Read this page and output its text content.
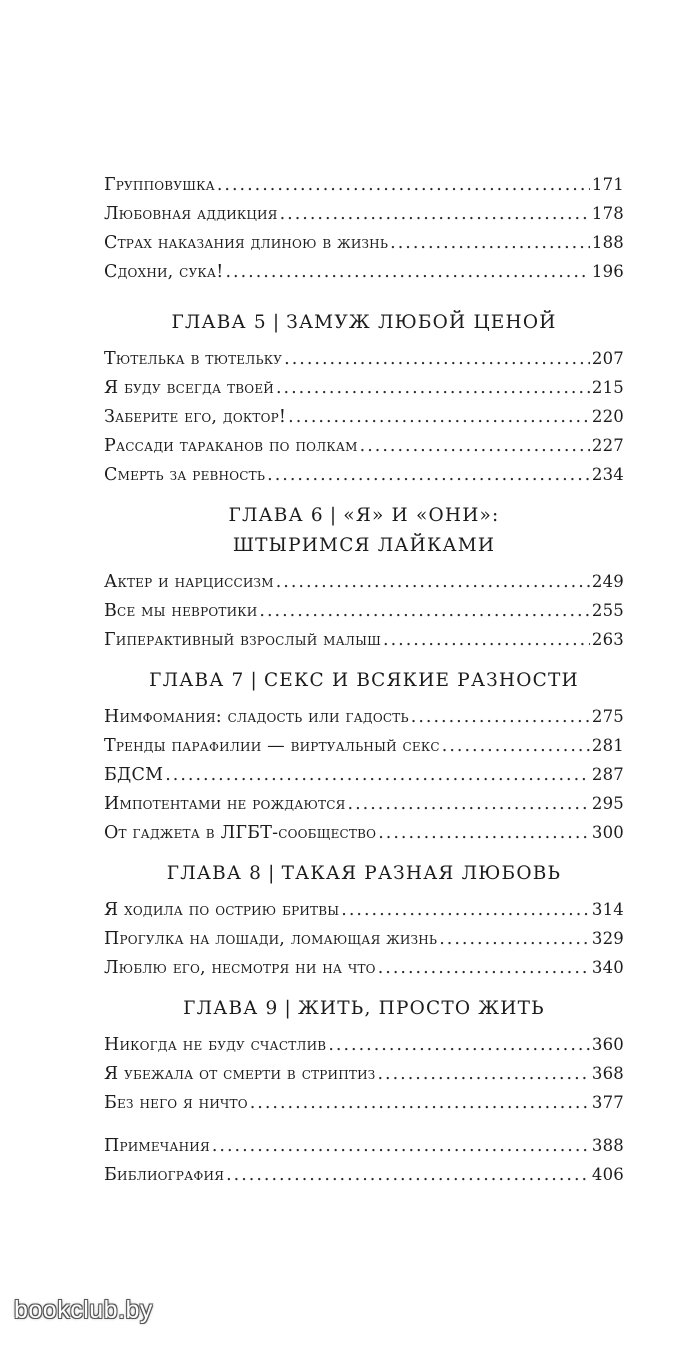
Групповушка .....	171
Любовная аддикция .....	178
Страх наказания длиною в жизнь .....	188
Сдохни, сука! .....	196
ГЛАВА 5 | ЗАМУЖ ЛЮБОЙ ЦЕНОЙ
Тютелька в тютельку .....	207
Я буду всегда твоей .....	215
Заберите его, доктор! .....	220
Рассади тараканов по полкам .....	227
Смерть за ревность .....	234
ГЛАВА 6 | «Я» И «ОНИ»:
ШТЫРИМСЯ ЛАЙКАМИ
Актер и нарциссизм .....	249
Все мы невротики .....	255
Гиперактивный взрослый малыш .....	263
ГЛАВА 7 | СЕКС И ВСЯКИЕ РАЗНОСТИ
Нимфомания: сладость или гадость .....	275
Тренды парафилии — виртуальный секс .....	281
БДСМ .....	287
Импотентами не рождаются .....	295
От гаджета в ЛГБТ-сообщество .....	300
ГЛАВА 8 | ТАКАЯ РАЗНАЯ ЛЮБОВЬ
Я ходила по острию бритвы .....	314
Прогулка на лошади, ломающая жизнь .....	329
Люблю его, несмотря ни на что .....	340
ГЛАВА 9 | ЖИТЬ, ПРОСТО ЖИТЬ
Никогда не буду счастлив .....	360
Я убежала от смерти в стриптиз .....	368
Без него я ничто .....	377
Примечания .....	388
Библиография .....	406
bookclub.by
